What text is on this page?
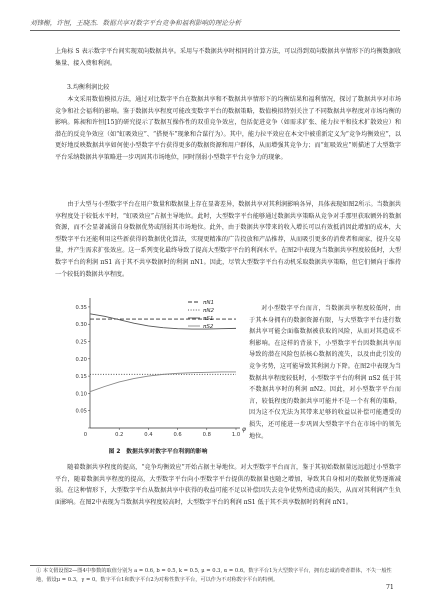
刘锋榭，许恒，王晓杰．数据共享对数字平台竞争和福利影响的理论分析

上角标 S 表示数字平台间实现双向数据共享。采用与不数据共享时相同的计算方法，可以得到双向数据共享情形下的均衡数据收集量、接入费和利润。

3.均衡利润比较

本文采用数值模拟方法，通过对比数字平台在数据共享和不数据共享情形下的均衡结果和福利情况，探讨了数据共享对市场竞争和社会福利的影响。鉴于数据共享程度可能改变数字平台的数据策略，数值模拟特别关注了不同数据共享程度对市场均衡的影响。陈昶和许恒[15]的研究提示了数据互操作性的双重竞争效应，包括促进竞争（如需求扩张、能力拉平和技术扩散效应）和潜在的反竞争效应（如“虹吸效应”、“搭便车”现象和合谋行为）。其中，能力拉平效应在本文中被重新定义为“竞争均衡效应”，以更好地反映数据共享如何使小型数字平台获得更多的数据资源和用户群体，从而增强其竞争力；而“虹吸效应”则描述了大型数字平台采纳数据共享策略进一步巩固其市场地位，同时削弱小型数字平台竞争力的现象。

由于大型与小型数字平台在用户数量和数据量上存在显著差异，数据共享对其利润影响各异，具体表现如图2所示。当数据共享程度处于较低水平时，“虹吸效应”占据主导地位。此时，大型数字平台能够通过数据共享策略从竞争对手那里获取额外的数据资源，而不会显著减弱自身数据优势或削弱其市场地位。此外，由于数据共享带来的收入增长可以有效抵消因此增加的成本，大型数字平台还能利用这些新获得的数据优化算法，实现更精准的广告投放和产品推荐，从而吸引更多的消费者和商家，提升交易量，并产生需求扩张效应。这一系列变化最终导致了提高大型数字平台的利润水平。在图2中表现为当数据共享程度较低时，大型数字平台的利润 πS1 高于其不共享数据时的利润 πN1。因此，尽管大型数字平台有动机采取数据共享策略，但它们倾向于维持一个较低的数据共享程度。

0.05
0.10
0.15
0.20
0.25
0.30
0.35
0.2	0.4	0.6	0.8	1.0
0
φ
πN1
πN2
πS1
πS2
图 2　数据共享对数字平台利润的影响

对小型数字平台而言，当数据共享程度较低时，由于其本身拥有的数据资源有限，与大型数字平台进行数据共享可能会面临数据被获取的风险，从而对其造成不利影响。在这样的背景下，小型数字平台因数据共享而导致的潜在风险包括核心数据的流失，以及由此引发的竞争劣势，这可能导致其利润力下降。在图2中表现为当数据共享程度较低时，小型数字平台的利润 πS2 低于其不数据共享时的利润 πN2。因此，对小型数字平台而言，较低程度的数据共享可能并不是一个有利的策略，因为这不仅无法为其带来足够的收益以补偿可能遭受的损失，还可能进一步巩固大型数字平台在市场中的领先地位。

随着数据共享程度的提高，“竞争均衡效应”开始占据主导地位。对大型数字平台而言，鉴于其初始数据量远远超过小型数字平台，随着数据共享程度的提高，大型数字平台向小型数字平台提供的数据量也随之增加，导致其自身相对的数据优势逐渐减弱。在这种情形下，大型数字平台从数据共享中获得的收益可能不足以补偿因失去竞争优势所造成的损失，从而对其利润产生负面影响。在图2中表现为当数据共享程度较高时，大型数字平台的利润 πS1 低于其不共享数据时的利润 πN1。

① 本文假设图2—图4中参数的取值分别为 a = 0.6, b = 0.5, k = 0.5, μ = 0.3, α = 0.6。数字平台1为大型数字平台，拥有忠诚消费者群体，不失一般性地，假设μ = 0.3，γ = 0。数字平台1和数字平台2为对称性数字平台，可以作为不对称数字平台的特例。
71
